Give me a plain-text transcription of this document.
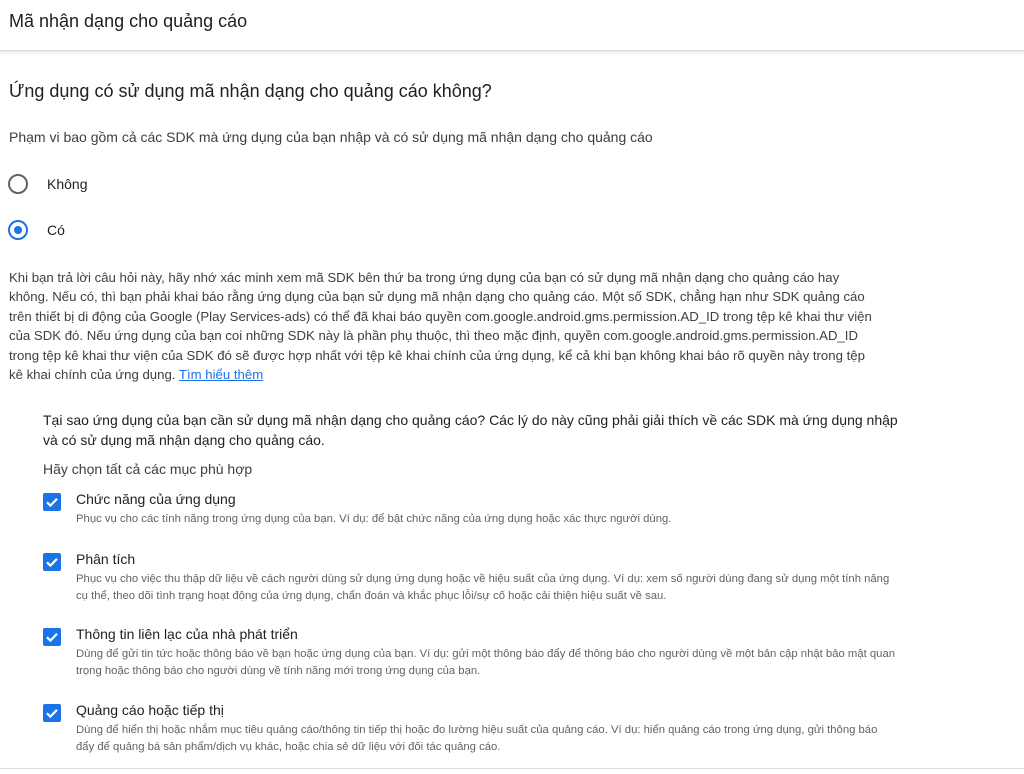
Mã nhận dạng cho quảng cáo
Ứng dụng có sử dụng mã nhận dạng cho quảng cáo không?
Phạm vi bao gồm cả các SDK mà ứng dụng của bạn nhập và có sử dụng mã nhận dạng cho quảng cáo
Không
Có
Khi bạn trả lời câu hỏi này, hãy nhớ xác minh xem mã SDK bên thứ ba trong ứng dụng của bạn có sử dụng mã nhận dạng cho quảng cáo hay không. Nếu có, thì bạn phải khai báo rằng ứng dụng của bạn sử dụng mã nhận dạng cho quảng cáo. Một số SDK, chẳng hạn như SDK quảng cáo trên thiết bị di động của Google (Play Services-ads) có thể đã khai báo quyền com.google.android.gms.permission.AD_ID trong tệp kê khai thư viện của SDK đó. Nếu ứng dụng của bạn coi những SDK này là phần phụ thuộc, thì theo mặc định, quyền com.google.android.gms.permission.AD_ID trong tệp kê khai thư viện của SDK đó sẽ được hợp nhất với tệp kê khai chính của ứng dụng, kể cả khi bạn không khai báo rõ quyền này trong tệp kê khai chính của ứng dụng. Tìm hiểu thêm
Tại sao ứng dụng của bạn cần sử dụng mã nhận dạng cho quảng cáo? Các lý do này cũng phải giải thích về các SDK mà ứng dụng nhập và có sử dụng mã nhận dạng cho quảng cáo.
Hãy chọn tất cả các mục phù hợp
Chức năng của ứng dụng
Phục vụ cho các tính năng trong ứng dụng của bạn. Ví dụ: để bật chức năng của ứng dụng hoặc xác thực người dùng.
Phân tích
Phục vụ cho việc thu thập dữ liệu về cách người dùng sử dụng ứng dụng hoặc về hiệu suất của ứng dụng. Ví dụ: xem số người dùng đang sử dụng một tính năng cụ thể, theo dõi tình trạng hoạt động của ứng dụng, chẩn đoán và khắc phục lỗi/sự cố hoặc cải thiện hiệu suất về sau.
Thông tin liên lạc của nhà phát triển
Dùng để gửi tin tức hoặc thông báo về bạn hoặc ứng dụng của bạn. Ví dụ: gửi một thông báo đẩy để thông báo cho người dùng về một bản cập nhật bảo mật quan trọng hoặc thông báo cho người dùng về tính năng mới trong ứng dụng của bạn.
Quảng cáo hoặc tiếp thị
Dùng để hiển thị hoặc nhắm mục tiêu quảng cáo/thông tin tiếp thị hoặc đo lường hiệu suất của quảng cáo. Ví dụ: hiển quảng cáo trong ứng dụng, gửi thông báo đẩy để quảng bá sản phẩm/dịch vụ khác, hoặc chia sẻ dữ liệu với đối tác quảng cáo.
